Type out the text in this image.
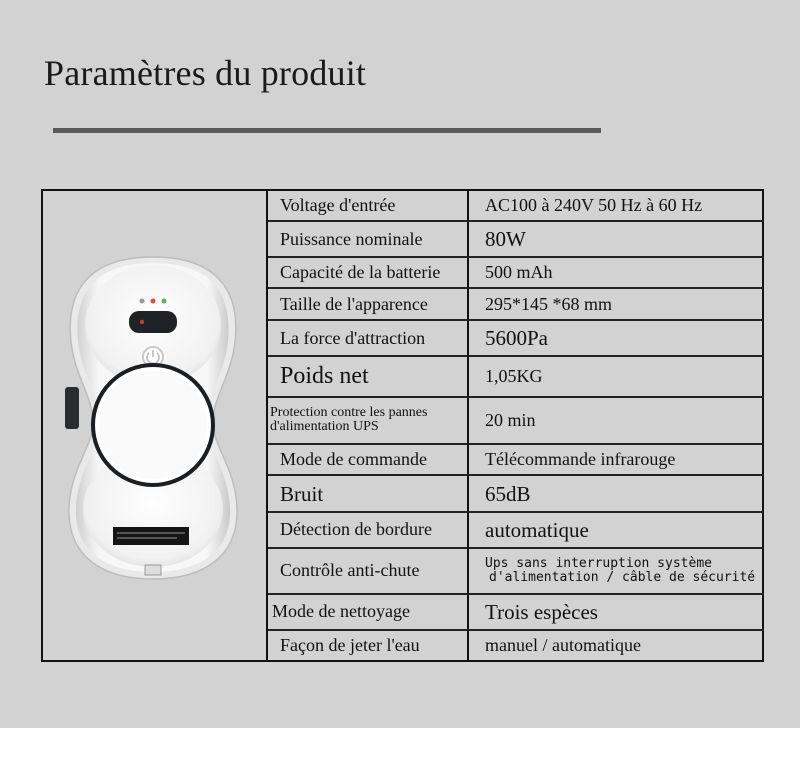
Paramètres du produit
Voltage d'entrée	AC100 à 240V 50 Hz à 60 Hz
Puissance nominale	80W
Capacité de la batterie	500 mAh
Taille de l'apparence	295*145 *68 mm
La force d'attraction	5600Pa
Poids net	1,05KG

Protection contre les pannes
d'alimentation UPS	20 min
Mode de commande	Télécommande infrarouge
Bruit	65dB
Détection de bordure	automatique
Contrôle anti-chute	Ups sans interruption système
d'alimentation / câble de sécurité

Mode de nettoyage	Trois espèces
Façon de jeter l'eau	manuel / automatique
